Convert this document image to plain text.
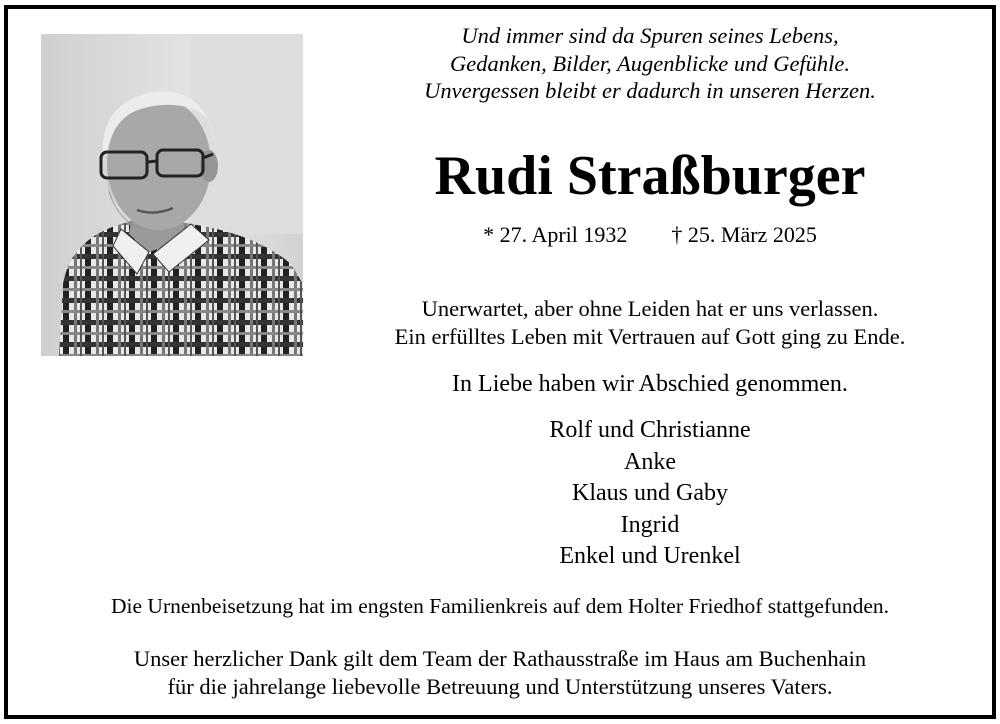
Und immer sind da Spuren seines Lebens,
Gedanken, Bilder, Augenblicke und Gefühle.
Unvergessen bleibt er dadurch in unseren Herzen.
Rudi Straßburger
* 27. April 1932 † 25. März 2025
Unerwartet, aber ohne Leiden hat er uns verlassen.
Ein erfülltes Leben mit Vertrauen auf Gott ging zu Ende.
In Liebe haben wir Abschied genommen.
Rolf und Christianne
Anke
Klaus und Gaby
Ingrid
Enkel und Urenkel
Die Urnenbeisetzung hat im engsten Familienkreis auf dem Holter Friedhof stattgefunden.
Unser herzlicher Dank gilt dem Team der Rathausstraße im Haus am Buchenhain
für die jahrelange liebevolle Betreuung und Unterstützung unseres Vaters.
